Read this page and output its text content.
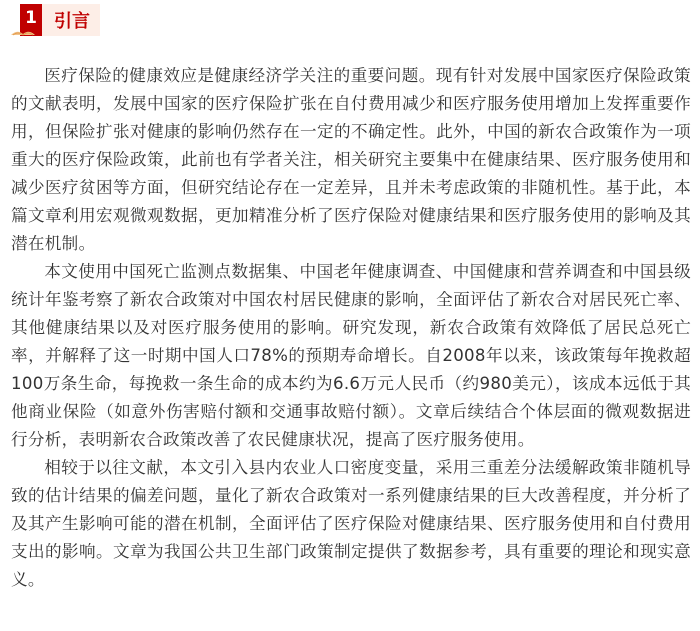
1 引言

医疗保险的健康效应是健康经济学关注的重要问题。现有针对发展中国家医疗保险政策的文献表明，发展中国家的医疗保险扩张在自付费用减少和医疗服务使用增加上发挥重要作用，但保险扩张对健康的影响仍然存在一定的不确定性。此外，中国的新农合政策作为一项重大的医疗保险政策，此前也有学者关注，相关研究主要集中在健康结果、医疗服务使用和减少医疗贫困等方面，但研究结论存在一定差异，且并未考虑政策的非随机性。基于此，本篇文章利用宏观微观数据，更加精准分析了医疗保险对健康结果和医疗服务使用的影响及其潜在机制。

本文使用中国死亡监测点数据集、中国老年健康调查、中国健康和营养调查和中国县级统计年鉴考察了新农合政策对中国农村居民健康的影响，全面评估了新农合对居民死亡率、其他健康结果以及对医疗服务使用的影响。研究发现，新农合政策有效降低了居民总死亡率，并解释了这一时期中国人口78%的预期寿命增长。自2008年以来，该政策每年挽救超100万条生命，每挽救一条生命的成本约为6.6万元人民币（约980美元），该成本远低于其他商业保险（如意外伤害赔付额和交通事故赔付额）。文章后续结合个体层面的微观数据进行分析，表明新农合政策改善了农民健康状况，提高了医疗服务使用。

相较于以往文献，本文引入县内农业人口密度变量，采用三重差分法缓解政策非随机导致的估计结果的偏差问题，量化了新农合政策对一系列健康结果的巨大改善程度，并分析了及其产生影响可能的潜在机制，全面评估了医疗保险对健康结果、医疗服务使用和自付费用支出的影响。文章为我国公共卫生部门政策制定提供了数据参考，具有重要的理论和现实意义。
